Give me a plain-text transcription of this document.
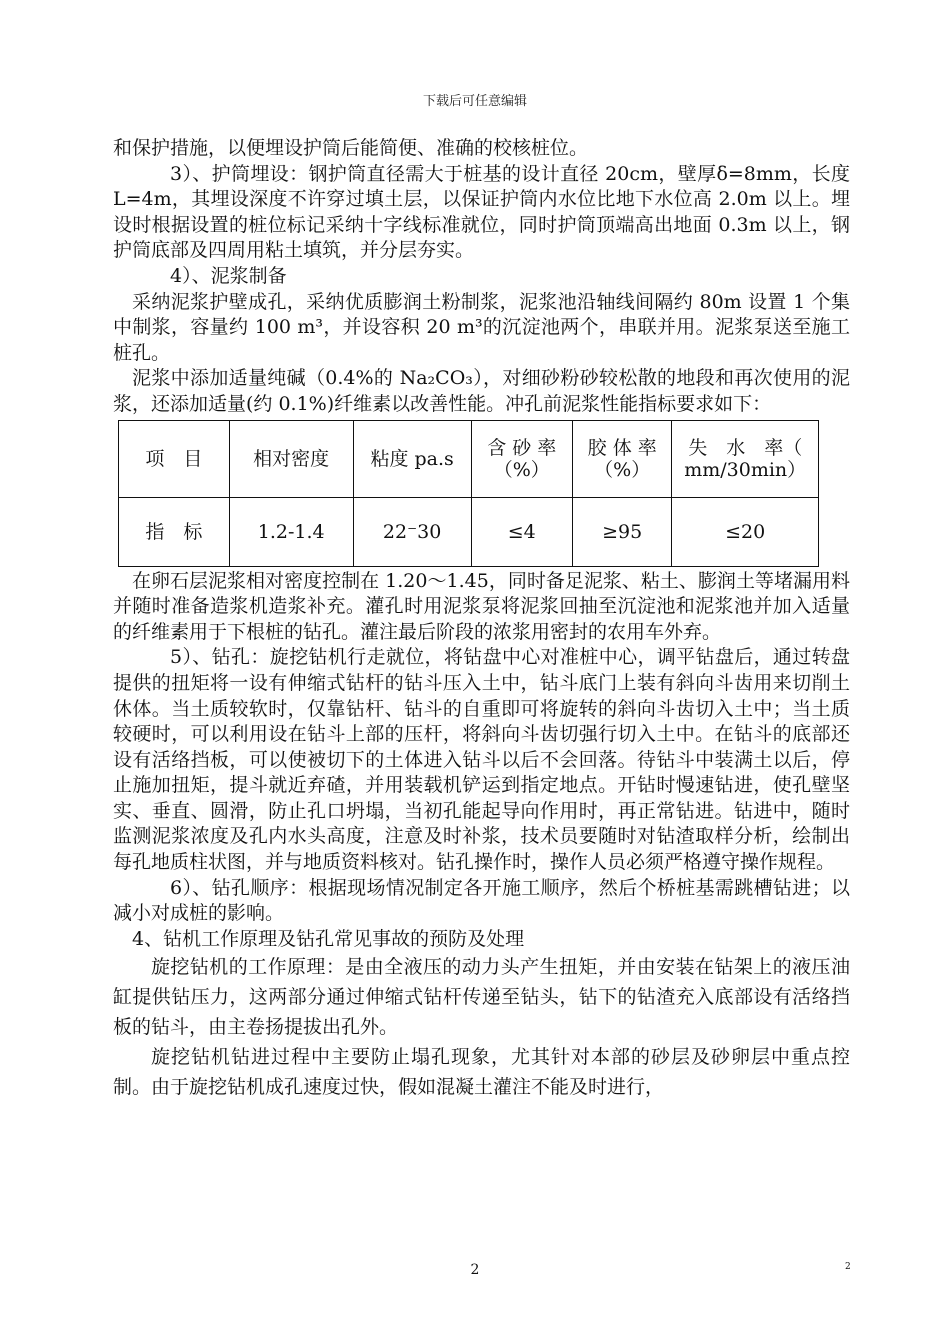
下载后可任意编辑

和保护措施，以便埋设护筒后能简便、准确的校核桩位。

3）、护筒埋设：钢护筒直径需大于桩基的设计直径 20cm，壁厚δ=8mm，长度 L=4m，其埋设深度不许穿过填土层，以保证护筒内水位比地下水位高 2.0m 以上。埋设时根据设置的桩位标记采纳十字线标准就位，同时护筒顶端高出地面 0.3m 以上，钢护筒底部及四周用粘土填筑，并分层夯实。

4）、泥浆制备

采纳泥浆护壁成孔，采纳优质膨润土粉制浆，泥浆池沿轴线间隔约 80m 设置 1 个集中制浆，容量约 100 m³，并设容积 20 m³的沉淀池两个，串联并用。泥浆泵送至施工桩孔。

泥浆中添加适量纯碱（0.4%的 Na₂CO₃），对细砂粉砂较松散的地段和再次使用的泥浆，还添加适量(约 0.1%)纤维素以改善性能。冲孔前泥浆性能指标要求如下：

项　目	相对密度	粘度 pa.s	含 砂 率（%）	胶 体 率（%）	失　水　率（　mm/30min）
指　标	1.2-1.4	22⁻30	≤4	≥95	≤20

在卵石层泥浆相对密度控制在 1.20～1.45，同时备足泥浆、粘土、膨润土等堵漏用料并随时准备造浆机造浆补充。灌孔时用泥浆泵将泥浆回抽至沉淀池和泥浆池并加入适量的纤维素用于下根桩的钻孔。灌注最后阶段的浓浆用密封的农用车外弃。

5）、钻孔：旋挖钻机行走就位，将钻盘中心对准桩中心，调平钻盘后，通过转盘提供的扭矩将一设有伸缩式钻杆的钻斗压入土中，钻斗底门上装有斜向斗齿用来切削土休体。当土质较软时，仅靠钻杆、钻斗的自重即可将旋转的斜向斗齿切入土中；当土质较硬时，可以利用设在钻斗上部的压杆，将斜向斗齿切强行切入土中。在钻斗的底部还设有活络挡板，可以使被切下的土体进入钻斗以后不会回落。待钻斗中装满土以后，停止施加扭矩，提斗就近弃碴，并用装载机铲运到指定地点。开钻时慢速钻进，使孔壁坚实、垂直、圆滑，防止孔口坍塌，当初孔能起导向作用时，再正常钻进。钻进中，随时监测泥浆浓度及孔内水头高度，注意及时补浆，技术员要随时对钻渣取样分析，绘制出每孔地质柱状图，并与地质资料核对。钻孔操作时，操作人员必须严格遵守操作规程。

6）、钻孔顺序：根据现场情况制定各开施工顺序，然后个桥桩基需跳槽钻进；以减小对成桩的影响。

4、钻机工作原理及钻孔常见事故的预防及处理

旋挖钻机的工作原理：是由全液压的动力头产生扭矩，并由安装在钻架上的液压油缸提供钻压力，这两部分通过伸缩式钻杆传递至钻头，钻下的钻渣充入底部设有活络挡板的钻斗，由主卷扬提拔出孔外。

旋挖钻机钻进过程中主要防止塌孔现象，尤其针对本部的砂层及砂卵层中重点控制。由于旋挖钻机成孔速度过快，假如混凝土灌注不能及时进行，

2	2
